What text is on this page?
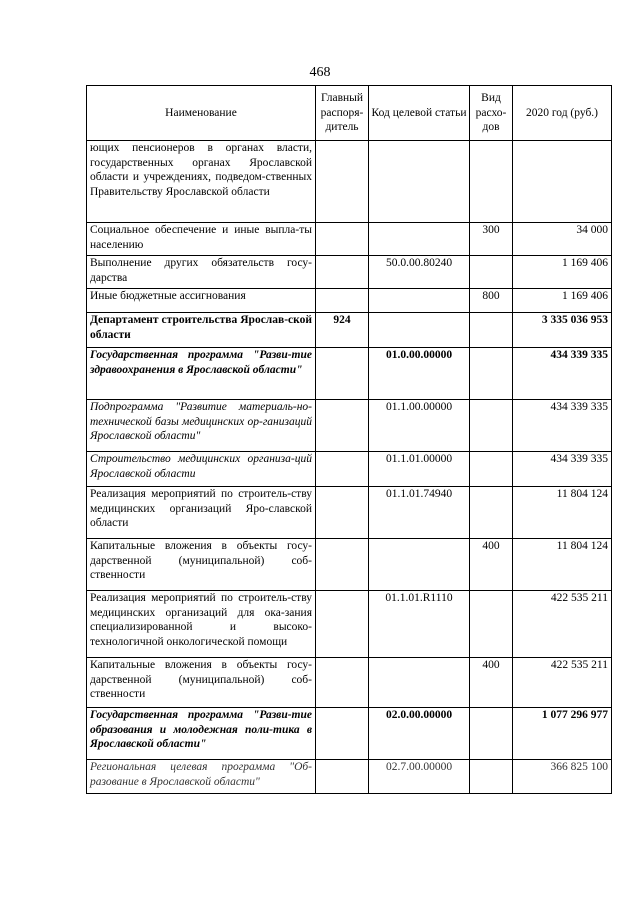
468
Наименование	Главный распоря-дитель	Код целевой статьи	Вид расхо-дов	2020 год (руб.)
ющих пенсионеров в органах власти, государственных органах Ярославской области и учреждениях, подведом-ственных Правительству Ярославской области				
Социальное обеспечение и иные выпла-ты населению			300	34 000
Выполнение других обязательств госу-дарства		50.0.00.80240		1 169 406
Иные бюджетные ассигнования			800	1 169 406
Департамент строительства Ярослав-ской области	924			3 335 036 953
Государственная программа "Разви-тие здравоохранения в Ярославской области"		01.0.00.00000		434 339 335
Подпрограмма "Развитие материаль-но-технической базы медицинских ор-ганизаций Ярославской области"		01.1.00.00000		434 339 335
Строительство медицинских организа-ций Ярославской области		01.1.01.00000		434 339 335
Реализация мероприятий по строитель-ству медицинских организаций Яро-славской области		01.1.01.74940		11 804 124
Капитальные вложения в объекты госу-дарственной (муниципальной) соб-ственности			400	11 804 124
Реализация мероприятий по строитель-ству медицинских организаций для ока-зания специализированной и высоко-технологичной онкологической помощи		01.1.01.R1110		422 535 211
Капитальные вложения в объекты госу-дарственной (муниципальной) соб-ственности			400	422 535 211
Государственная программа "Разви-тие образования и молодежная поли-тика в Ярославской области"		02.0.00.00000		1 077 296 977
Региональная целевая программа "Об-разование в Ярославской области"		02.7.00.00000		366 825 100
